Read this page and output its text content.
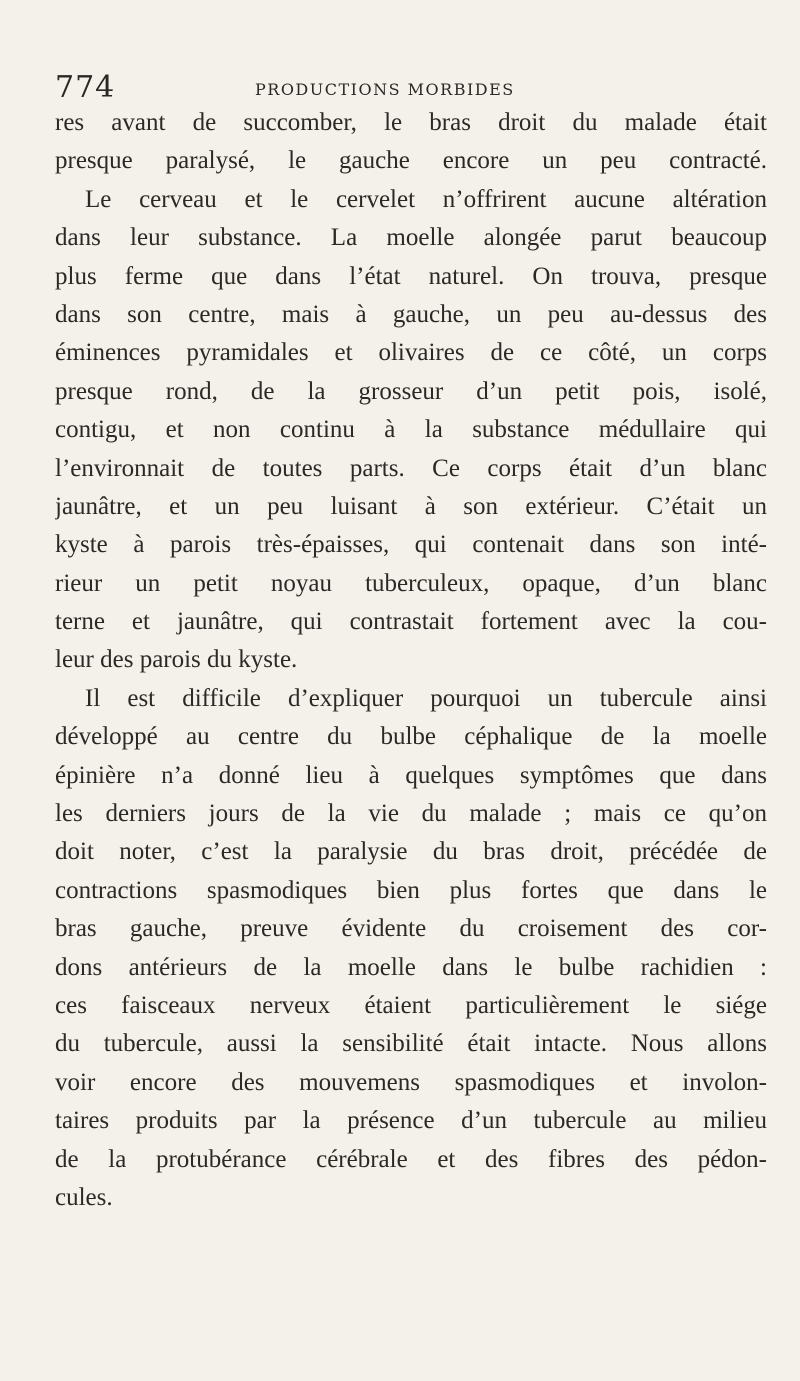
774	PRODUCTIONS MORBIDES
res avant de succomber, le bras droit du malade était
presque paralysé, le gauche encore un peu contracté.
Le cerveau et le cervelet n’offrirent aucune altération
dans leur substance. La moelle alongée parut beaucoup
plus ferme que dans l’état naturel. On trouva, presque
dans son centre, mais à gauche, un peu au-dessus des
éminences pyramidales et olivaires de ce côté, un corps
presque rond, de la grosseur d’un petit pois, isolé,
contigu, et non continu à la substance médullaire qui
l’environnait de toutes parts. Ce corps était d’un blanc
jaunâtre, et un peu luisant à son extérieur. C’était un
kyste à parois très-épaisses, qui contenait dans son inté-
rieur un petit noyau tuberculeux, opaque, d’un blanc
terne et jaunâtre, qui contrastait fortement avec la cou-
leur des parois du kyste.
Il est difficile d’expliquer pourquoi un tubercule ainsi
développé au centre du bulbe céphalique de la moelle
épinière n’a donné lieu à quelques symptômes que dans
les derniers jours de la vie du malade ; mais ce qu’on
doit noter, c’est la paralysie du bras droit, précédée de
contractions spasmodiques bien plus fortes que dans le
bras gauche, preuve évidente du croisement des cor-
dons antérieurs de la moelle dans le bulbe rachidien :
ces faisceaux nerveux étaient particulièrement le siége
du tubercule, aussi la sensibilité était intacte. Nous allons
voir encore des mouvemens spasmodiques et involon-
taires produits par la présence d’un tubercule au milieu
de la protubérance cérébrale et des fibres des pédon-
cules.
